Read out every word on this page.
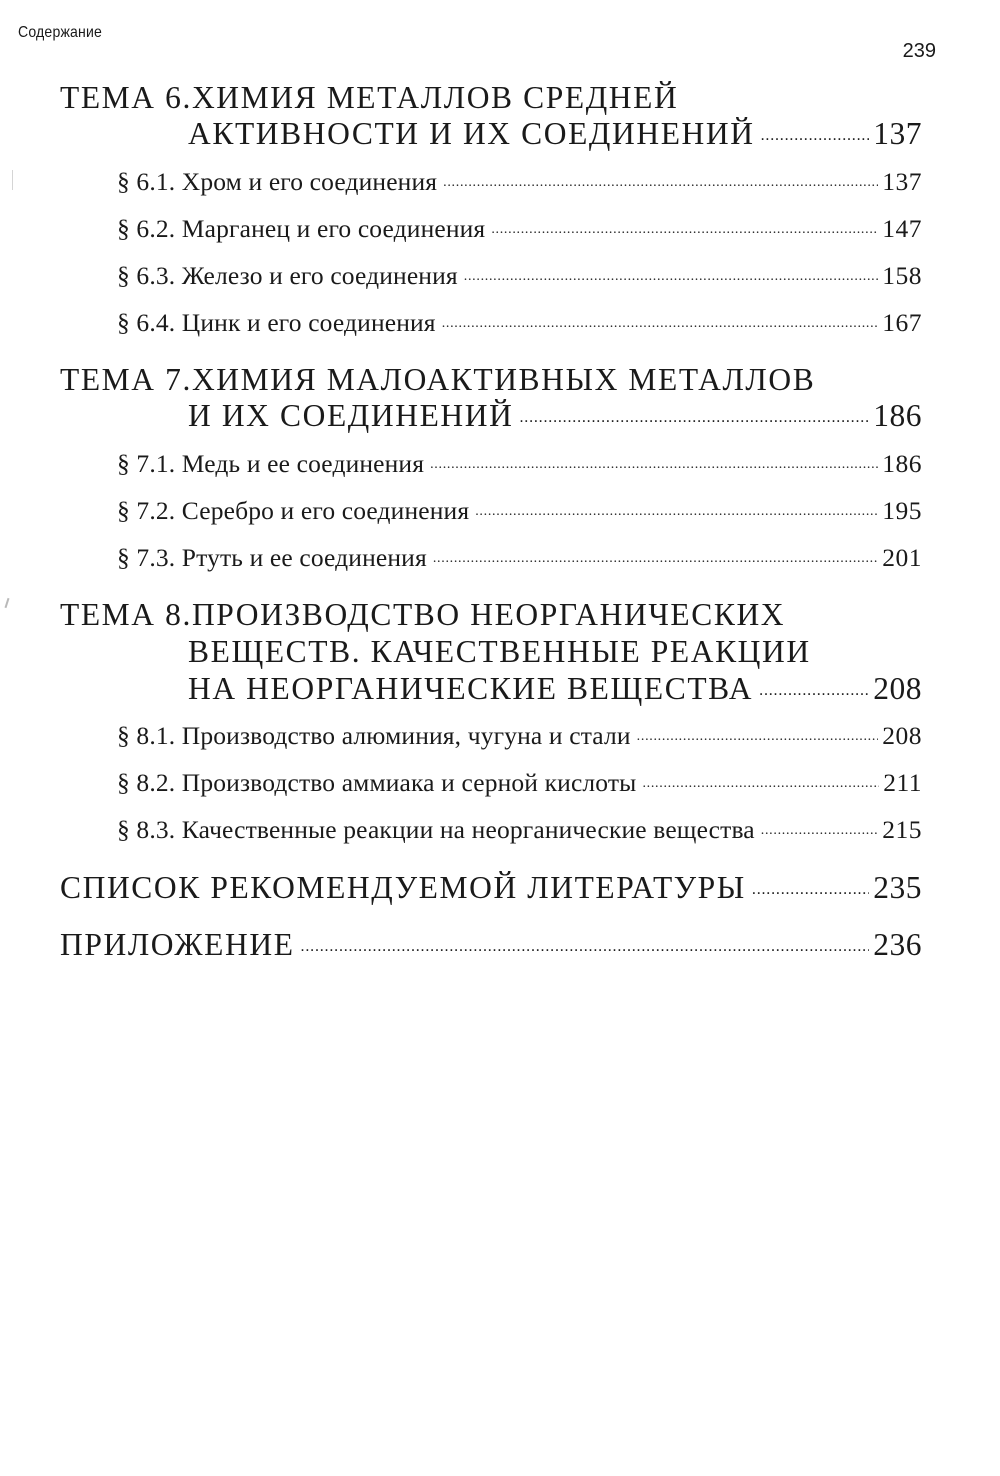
Содержание
239
ТЕМА 6. ХИМИЯ МЕТАЛЛОВ СРЕДНЕЙ
АКТИВНОСТИ И ИХ СОЕДИНЕНИЙ . . .	137
§ 6.1. Хром и его соединения . . .	137
§ 6.2. Марганец и его соединения . . .	147
§ 6.3. Железо и его соединения . . .	158
§ 6.4. Цинк и его соединения . . .	167
ТЕМА 7. ХИМИЯ МАЛОАКТИВНЫХ МЕТАЛЛОВ
И ИХ СОЕДИНЕНИЙ . . .	186
§ 7.1. Медь и ее соединения . . .	186
§ 7.2. Серебро и его соединения . . .	195
§ 7.3. Ртуть и ее соединения . . .	201
ТЕМА 8. ПРОИЗВОДСТВО НЕОРГАНИЧЕСКИХ
ВЕЩЕСТВ. КАЧЕСТВЕННЫЕ РЕАКЦИИ
НА НЕОРГАНИЧЕСКИЕ ВЕЩЕСТВА . . .	208
§ 8.1. Производство алюминия, чугуна и стали . . .	208
§ 8.2. Производство аммиака и серной кислоты . . .	211
§ 8.3. Качественные реакции на неорганические вещества . . .	215
СПИСОК РЕКОМЕНДУЕМОЙ ЛИТЕРАТУРЫ . . .	235
ПРИЛОЖЕНИЕ . . .	236
